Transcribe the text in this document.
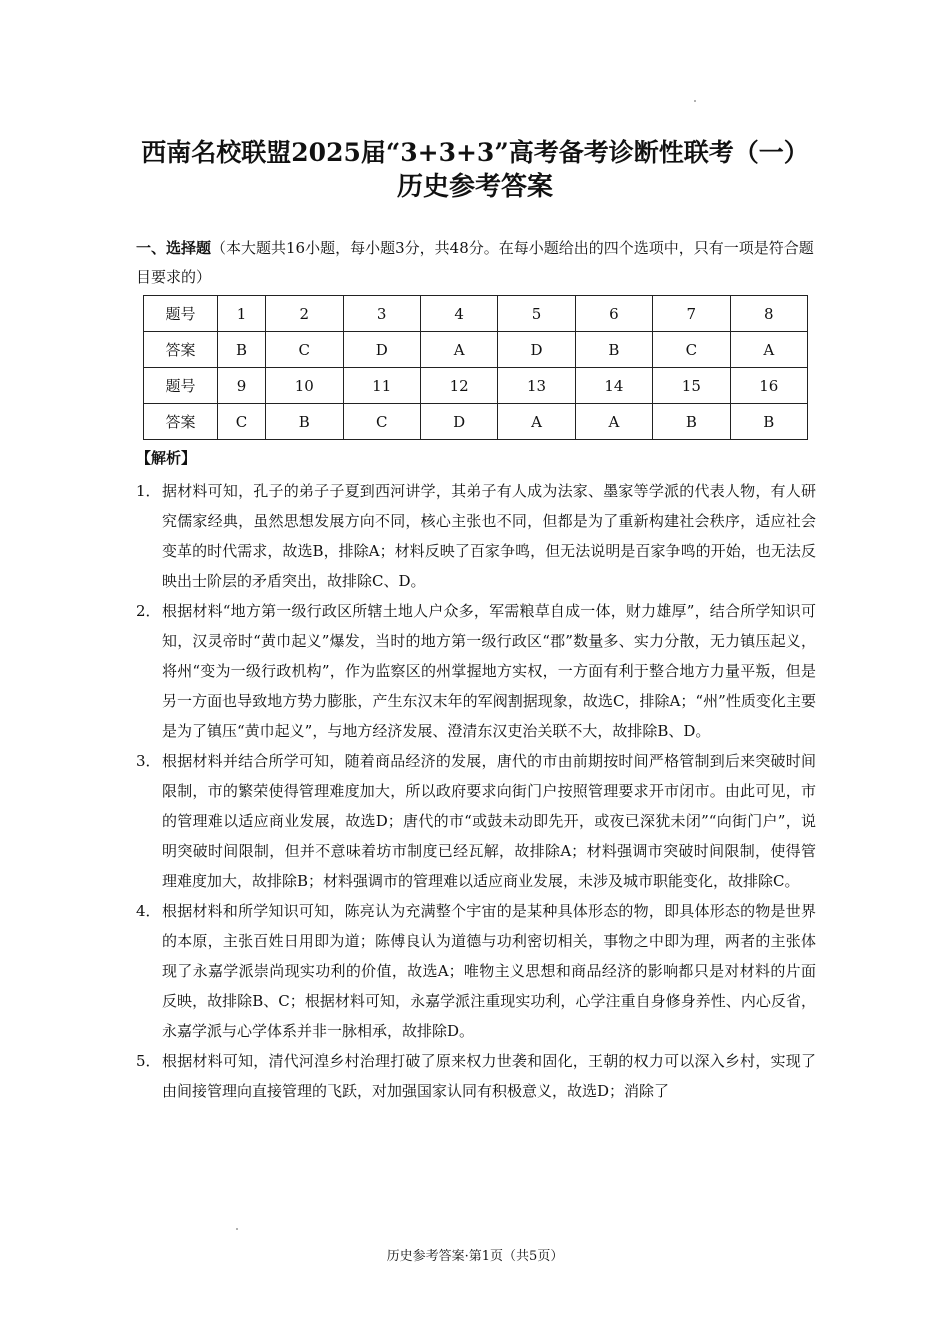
西南名校联盟2025届“3+3+3”高考备考诊断性联考（一）
历史参考答案
一、选择题（本大题共16小题，每小题3分，共48分。在每小题给出的四个选项中，只有一项是符合题目要求的）
题号	1	2	3	4	5	6	7	8
答案	B	C	D	A	D	B	C	A
题号	9	10	11	12	13	14	15	16
答案	C	B	C	D	A	A	B	B
【解析】
1． 据材料可知，孔子的弟子子夏到西河讲学，其弟子有人成为法家、墨家等学派的代表人物，有人研究儒家经典，虽然思想发展方向不同，核心主张也不同，但都是为了重新构建社会秩序，适应社会变革的时代需求，故选B，排除A；材料反映了百家争鸣，但无法说明是百家争鸣的开始，也无法反映出士阶层的矛盾突出，故排除C、D。
2． 根据材料“地方第一级行政区所辖土地人户众多，军需粮草自成一体，财力雄厚”，结合所学知识可知，汉灵帝时“黄巾起义”爆发，当时的地方第一级行政区“郡”数量多、实力分散，无力镇压起义，将州“变为一级行政机构”，作为监察区的州掌握地方实权，一方面有利于整合地方力量平叛，但是另一方面也导致地方势力膨胀，产生东汉末年的军阀割据现象，故选C，排除A；“州”性质变化主要是为了镇压“黄巾起义”，与地方经济发展、澄清东汉吏治关联不大，故排除B、D。
3． 根据材料并结合所学可知，随着商品经济的发展，唐代的市由前期按时间严格管制到后来突破时间限制，市的繁荣使得管理难度加大，所以政府要求向街门户按照管理要求开市闭市。由此可见，市的管理难以适应商业发展，故选D；唐代的市“或鼓未动即先开，或夜已深犹未闭”“向街门户”，说明突破时间限制，但并不意味着坊市制度已经瓦解，故排除A；材料强调市突破时间限制，使得管理难度加大，故排除B；材料强调市的管理难以适应商业发展，未涉及城市职能变化，故排除C。
4． 根据材料和所学知识可知，陈亮认为充满整个宇宙的是某种具体形态的物，即具体形态的物是世界的本原，主张百姓日用即为道；陈傅良认为道德与功利密切相关，事物之中即为理，两者的主张体现了永嘉学派崇尚现实功利的价值，故选A；唯物主义思想和商品经济的影响都只是对材料的片面反映，故排除B、C；根据材料可知，永嘉学派注重现实功利，心学注重自身修身养性、内心反省，永嘉学派与心学体系并非一脉相承，故排除D。
5． 根据材料可知，清代河湟乡村治理打破了原来权力世袭和固化，王朝的权力可以深入乡村，实现了由间接管理向直接管理的飞跃，对加强国家认同有积极意义，故选D；消除了
历史参考答案·第1页（共5页）
